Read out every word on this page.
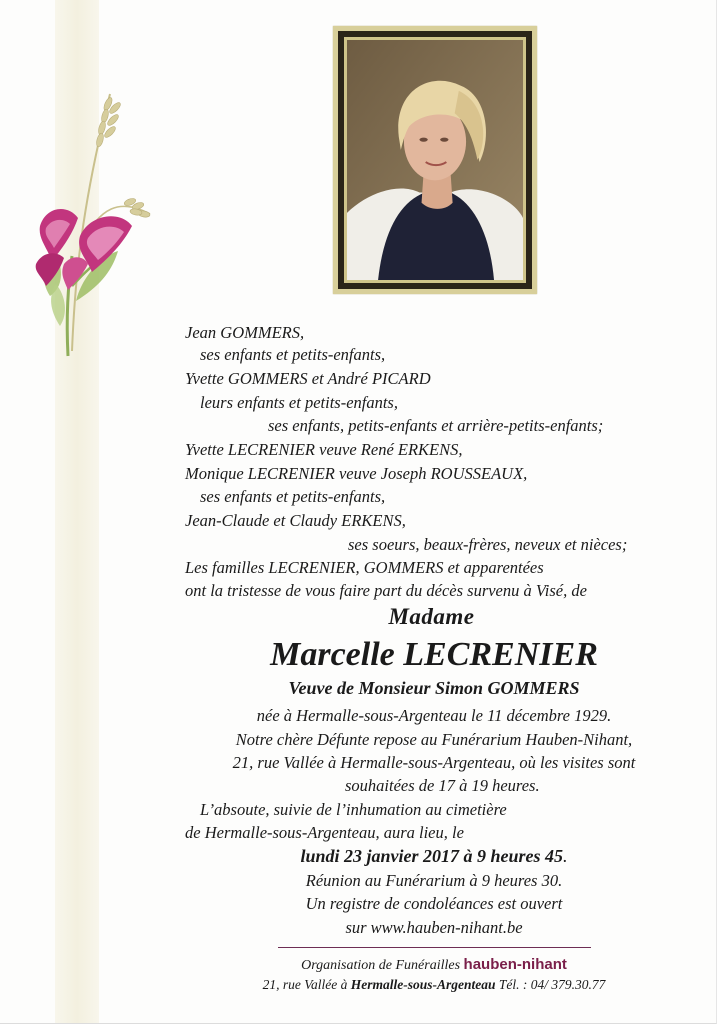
Jean GOMMERS,
ses enfants et petits-enfants,
Yvette GOMMERS et André PICARD
leurs enfants et petits-enfants,
ses enfants, petits-enfants et arrière-petits-enfants;
Yvette LECRENIER veuve René ERKENS,
Monique LECRENIER veuve Joseph ROUSSEAUX,
ses enfants et petits-enfants,
Jean-Claude et Claudy ERKENS,
ses soeurs, beaux-frères, neveux et nièces;
Les familles LECRENIER, GOMMERS et apparentées
ont la tristesse de vous faire part du décès survenu à Visé, de
Madame
Marcelle LECRENIER
Veuve de Monsieur Simon GOMMERS
née à Hermalle-sous-Argenteau le 11 décembre 1929.
Notre chère Défunte repose au Funérarium Hauben-Nihant,
21, rue Vallée à Hermalle-sous-Argenteau, où les visites sont
souhaitées de 17 à 19 heures.
L’absoute, suivie de l’inhumation au cimetière
de Hermalle-sous-Argenteau, aura lieu, le
lundi 23 janvier 2017 à 9 heures 45.
Réunion au Funérarium à 9 heures 30.
Un registre de condoléances est ouvert
sur www.hauben-nihant.be
Organisation de Funérailles hauben-nihant
21, rue Vallée à Hermalle-sous-Argenteau Tél. : 04/ 379.30.77
